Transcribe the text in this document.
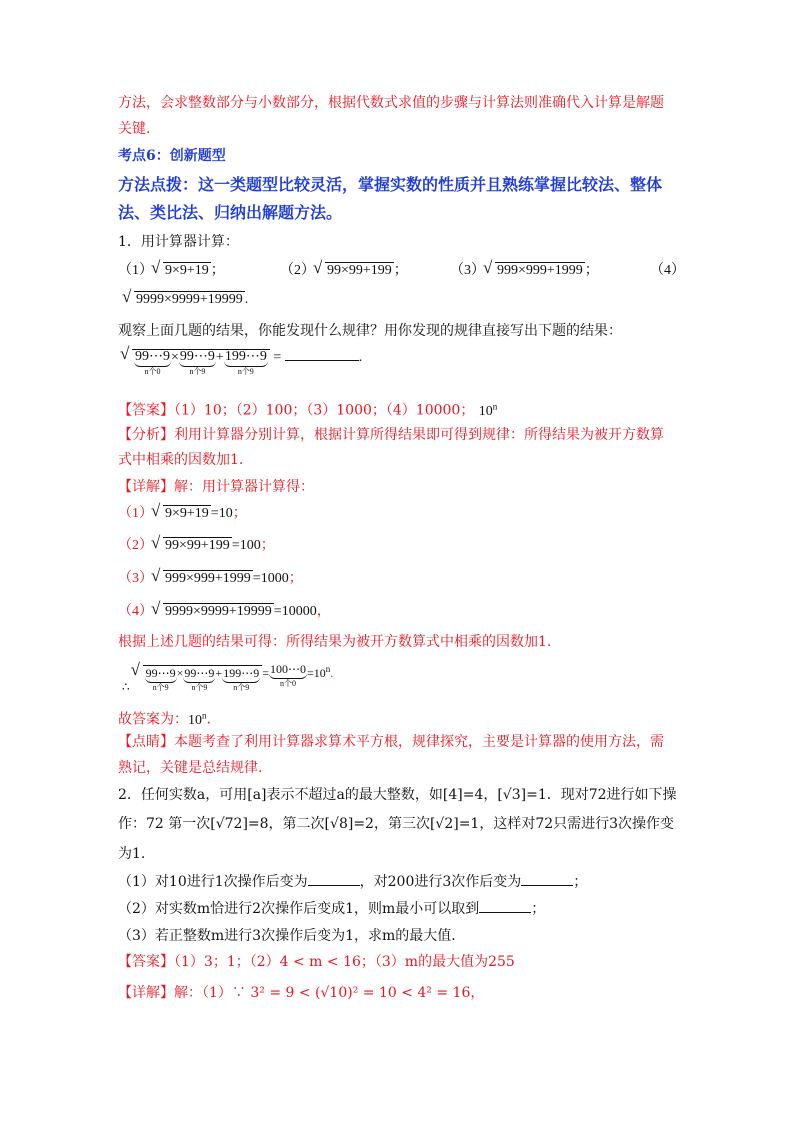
方法，会求整数部分与小数部分，根据代数式求值的步骤与计算法则准确代入计算是解题
关键.
考点6：创新题型
方法点拨：这一类题型比较灵活，掌握实数的性质并且熟练掌握比较法、整体
法、类比法、归纳出解题方法。
1．用计算器计算：
（1） √ 9×9+19 ；	（2） √ 99×99+199 ；	（3） √ 999×999+1999 ；	（4）
√ 9999×9999+19999 .
观察上面几题的结果，你能发现什么规律？用你发现的规律直接写出下题的结果：
√ 99⋯9
n个0
× 99⋯9
n个9
+ 199⋯9
n个9
=	.
【答案】（1）10；（2）100；（3）1000；（4）10000； 10$^n$
【分析】利用计算器分别计算，根据计算所得结果即可得到规律：所得结果为被开方数算
式中相乘的因数加1.
【详解】解：用计算器计算得：
（1） √ 9×9+19 =10；
（2） √ 99×99+199 =100；
（3） √ 999×999+1999 =1000；
（4） √ 9999×9999+19999 =10000，
根据上述几题的结果可得：所得结果为被开方数算式中相乘的因数加1.
∴
√ 99⋯9
n个9
× 99⋯9
n个9
+ 199⋯9
n个9
= 100⋯0
n个0
$=10^n$.
故答案为：10$^n$.
【点睛】本题考查了利用计算器求算术平方根，规律探究，主要是计算器的使用方法，需
熟记，关键是总结规律.
2．任何实数a，可用[a]表示不超过a的最大整数，如[4]=4，[√3]=1．现对72进行如下操
作：72 第一次[√72]=8，第二次[√8]=2，第三次[√2]=1，这样对72只需进行3次操作变
为1.
（1）对10进行1次操作后变为	，对200进行3次作后变为	；
（2）对实数m恰进行2次操作后变成1，则m最小可以取到	；
（3）若正整数m进行3次操作后变为1，求m的最大值.
【答案】（1）3；1；（2）4 < m < 16；（3）m的最大值为255
【详解】解：（1）∵ 3² = 9 < (√10)² = 10 < 4² = 16，
